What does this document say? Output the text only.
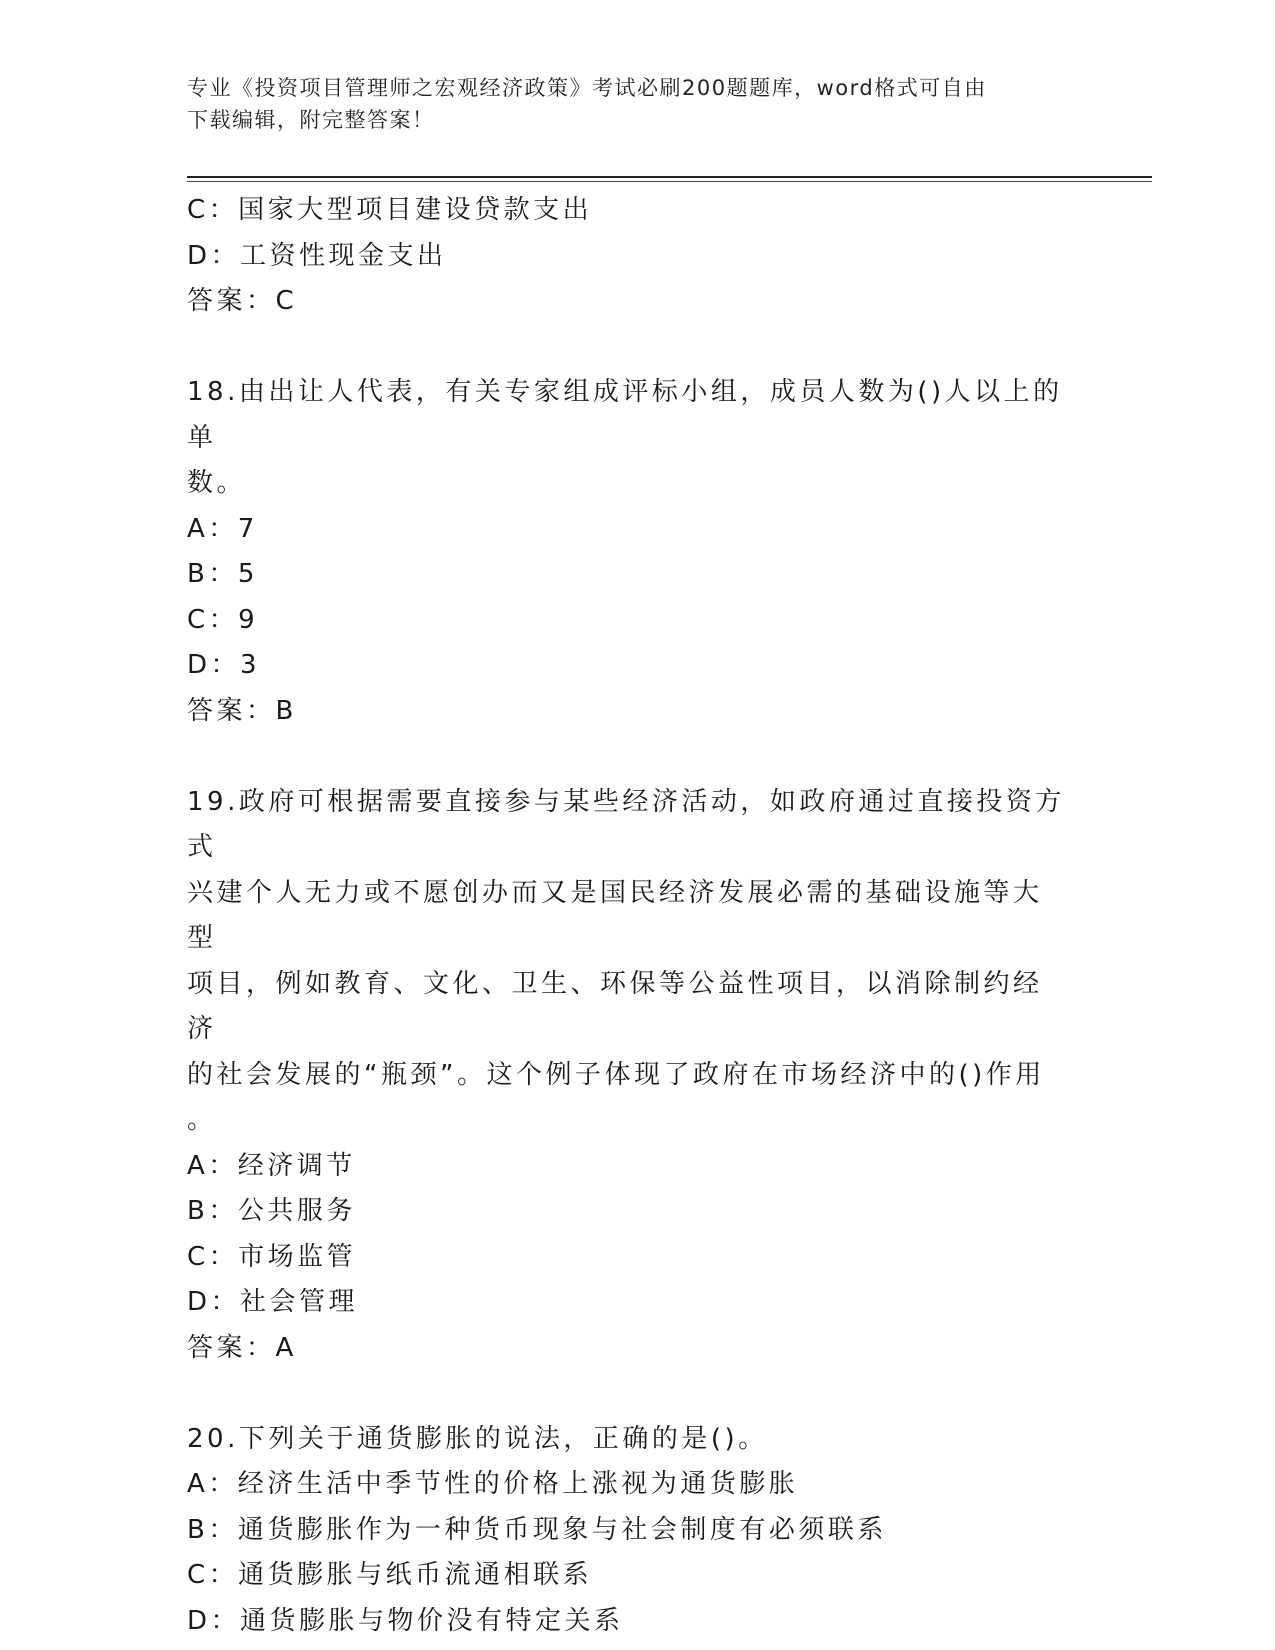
专业《投资项目管理师之宏观经济政策》考试必刷200题题库，word格式可自由
下载编辑，附完整答案！

C：国家大型项目建设贷款支出

D：工资性现金支出

答案：C

18.由出让人代表，有关专家组成评标小组，成员人数为()人以上的单

数。

A：7

B：5

C：9

D：3

答案：B

19.政府可根据需要直接参与某些经济活动，如政府通过直接投资方式

兴建个人无力或不愿创办而又是国民经济发展必需的基础设施等大型

项目，例如教育、文化、卫生、环保等公益性项目，以消除制约经济

的社会发展的“瓶颈”。这个例子体现了政府在市场经济中的()作用

。

A：经济调节

B：公共服务

C：市场监管

D：社会管理

答案：A

20.下列关于通货膨胀的说法，正确的是()。

A：经济生活中季节性的价格上涨视为通货膨胀

B：通货膨胀作为一种货币现象与社会制度有必须联系

C：通货膨胀与纸币流通相联系

D：通货膨胀与物价没有特定关系
